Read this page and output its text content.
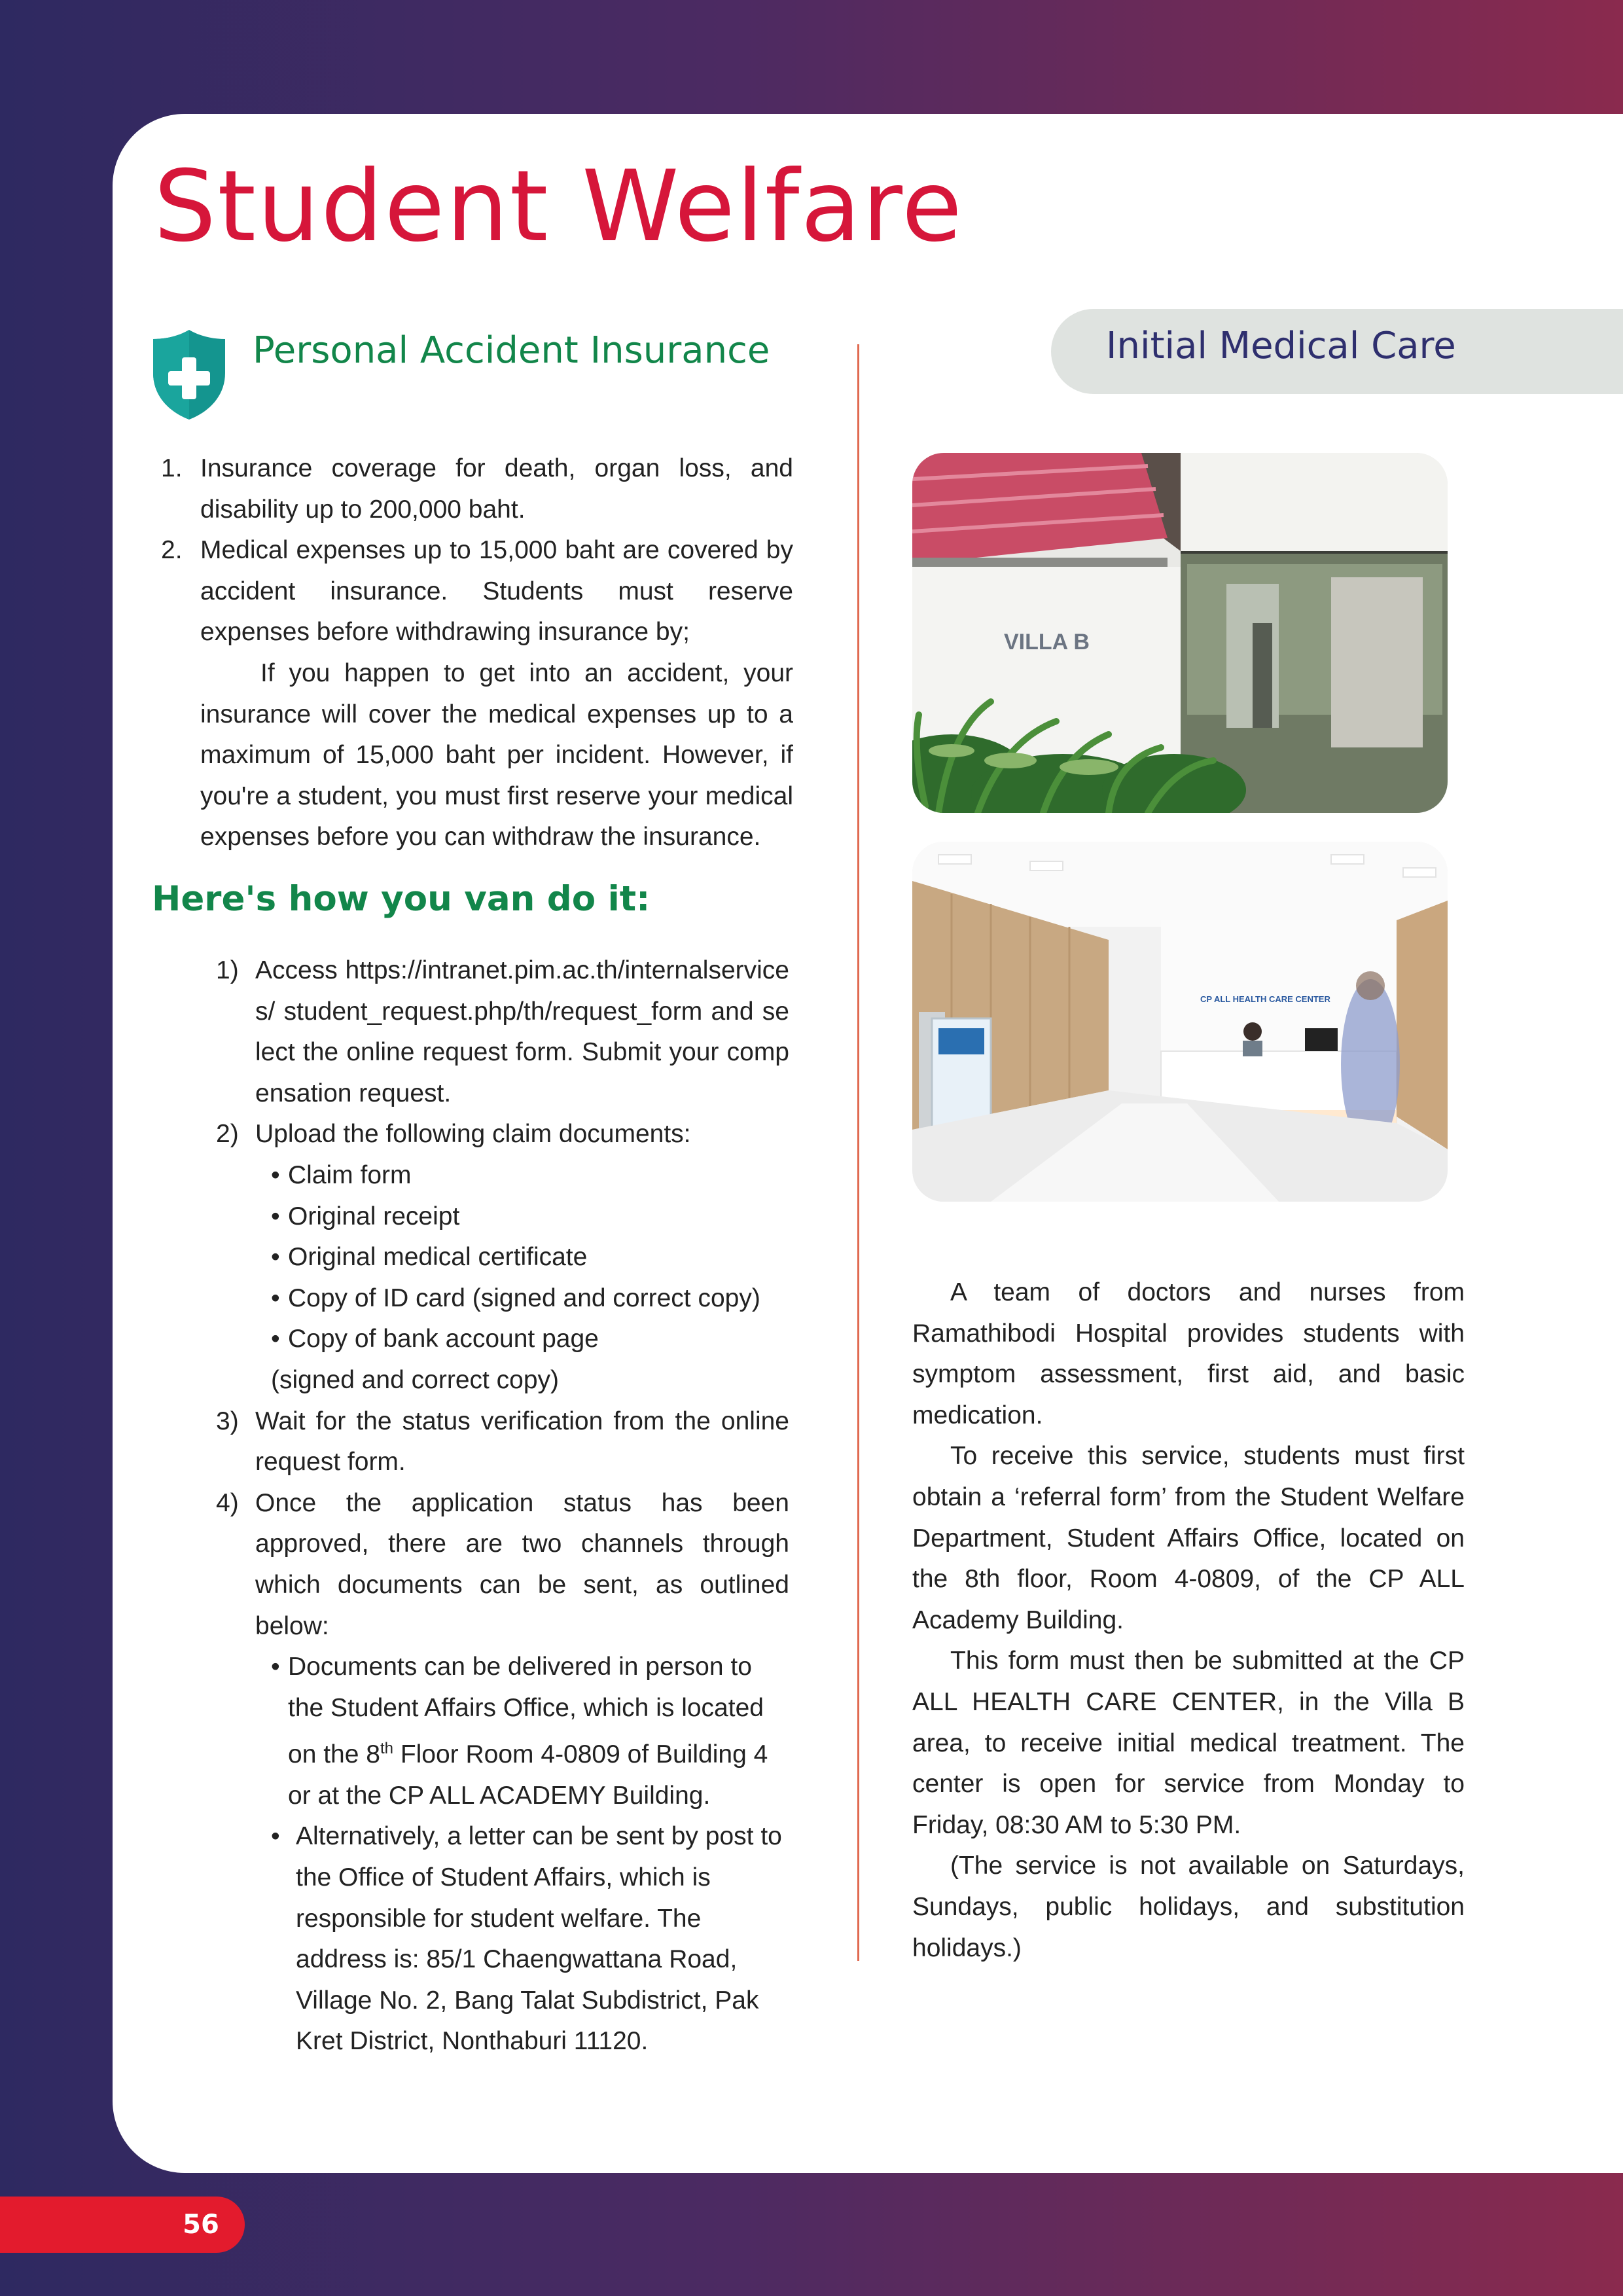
Student Welfare
Personal Accident Insurance
1. Insurance coverage for death, organ loss, and disability up to 200,000 baht.
2. Medical expenses up to 15,000 baht are covered by accident insurance. Students must reserve expenses before withdrawing insurance by;

If you happen to get into an accident, your insurance will cover the medical expenses up to a maximum of 15,000 baht per incident. However, if you're a student, you must first reserve your medical expenses before you can withdraw the insurance.

Here's how you van do it:
1) Access https://intranet.pim.ac.th/internalservices/ student_request.php/th/request_form and select the online request form. Submit your compensation request.
2) Upload the following claim documents:
• Claim form
• Original receipt
• Original medical certificate
• Copy of ID card (signed and correct copy)
• Copy of bank account page
(signed and correct copy)
3) Wait for the status verification from the online request form.
4) Once the application status has been approved, there are two channels through which documents can be sent, as outlined below:
• Documents can be delivered in person to the Student Affairs Office, which is located on the 8th Floor Room 4-0809 of Building 4 or at the CP ALL ACADEMY Building.
• Alternatively, a letter can be sent by post to the Office of Student Affairs, which is responsible for student welfare. The address is: 85/1 Chaengwattana Road, Village No. 2, Bang Talat Subdistrict, Pak Kret District, Nonthaburi 11120.
Initial Medical Care
VILLA B
CP ALL HEALTH CARE CENTER

A team of doctors and nurses from Ramathibodi Hospital provides students with symptom assessment, first aid, and basic medication.

To receive this service, students must first obtain a ‘referral form’ from the Student Welfare Department, Student Affairs Office, located on the 8th floor, Room 4-0809, of the CP ALL Academy Building.

This form must then be submitted at the CP ALL HEALTH CARE CENTER, in the Villa B area, to receive initial medical treatment. The center is open for service from Monday to Friday, 08:30 AM to 5:30 PM.

(The service is not available on Saturdays, Sundays, public holidays, and substitution holidays.)

56
